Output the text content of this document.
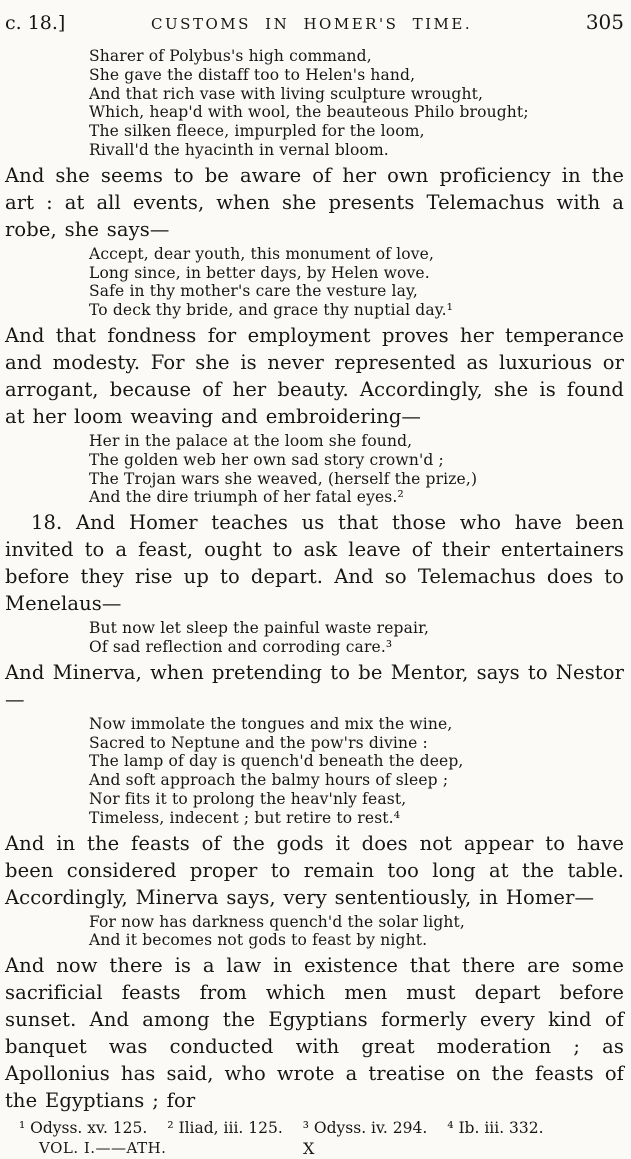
c. 18.]	CUSTOMS IN HOMER'S TIME.	305
Sharer of Polybus's high command,
She gave the distaff too to Helen's hand,
And that rich vase with living sculpture wrought,
Which, heap'd with wool, the beauteous Philo brought;
The silken fleece, impurpled for the loom,
Rivall'd the hyacinth in vernal bloom.

And she seems to be aware of her own proficiency in the art : at all events, when she presents Telemachus with a robe, she says—

Accept, dear youth, this monument of love,
Long since, in better days, by Helen wove.
Safe in thy mother's care the vesture lay,
To deck thy bride, and grace thy nuptial day.¹

And that fondness for employment proves her temperance and modesty. For she is never represented as luxurious or arrogant, because of her beauty. Accordingly, she is found at her loom weaving and embroidering—

Her in the palace at the loom she found,
The golden web her own sad story crown'd ;
The Trojan wars she weaved, (herself the prize,)
And the dire triumph of her fatal eyes.²

18. And Homer teaches us that those who have been invited to a feast, ought to ask leave of their entertainers before they rise up to depart. And so Telemachus does to Menelaus—

But now let sleep the painful waste repair,
Of sad reflection and corroding care.³

And Minerva, when pretending to be Mentor, says to Nestor—

Now immolate the tongues and mix the wine,
Sacred to Neptune and the pow'rs divine :
The lamp of day is quench'd beneath the deep,
And soft approach the balmy hours of sleep ;
Nor fits it to prolong the heav'nly feast,
Timeless, indecent ; but retire to rest.⁴

And in the feasts of the gods it does not appear to have been considered proper to remain too long at the table. Accordingly, Minerva says, very sententiously, in Homer—

For now has darkness quench'd the solar light,
And it becomes not gods to feast by night.

And now there is a law in existence that there are some sacrificial feasts from which men must depart before sunset. And among the Egyptians formerly every kind of banquet was conducted with great moderation ; as Apollonius has said, who wrote a treatise on the feasts of the Egyptians ; for

¹ Odyss. xv. 125. ² Iliad, iii. 125. ³ Odyss. iv. 294. ⁴ Ib. iii. 332.
VOL. I.——ATH.	X
